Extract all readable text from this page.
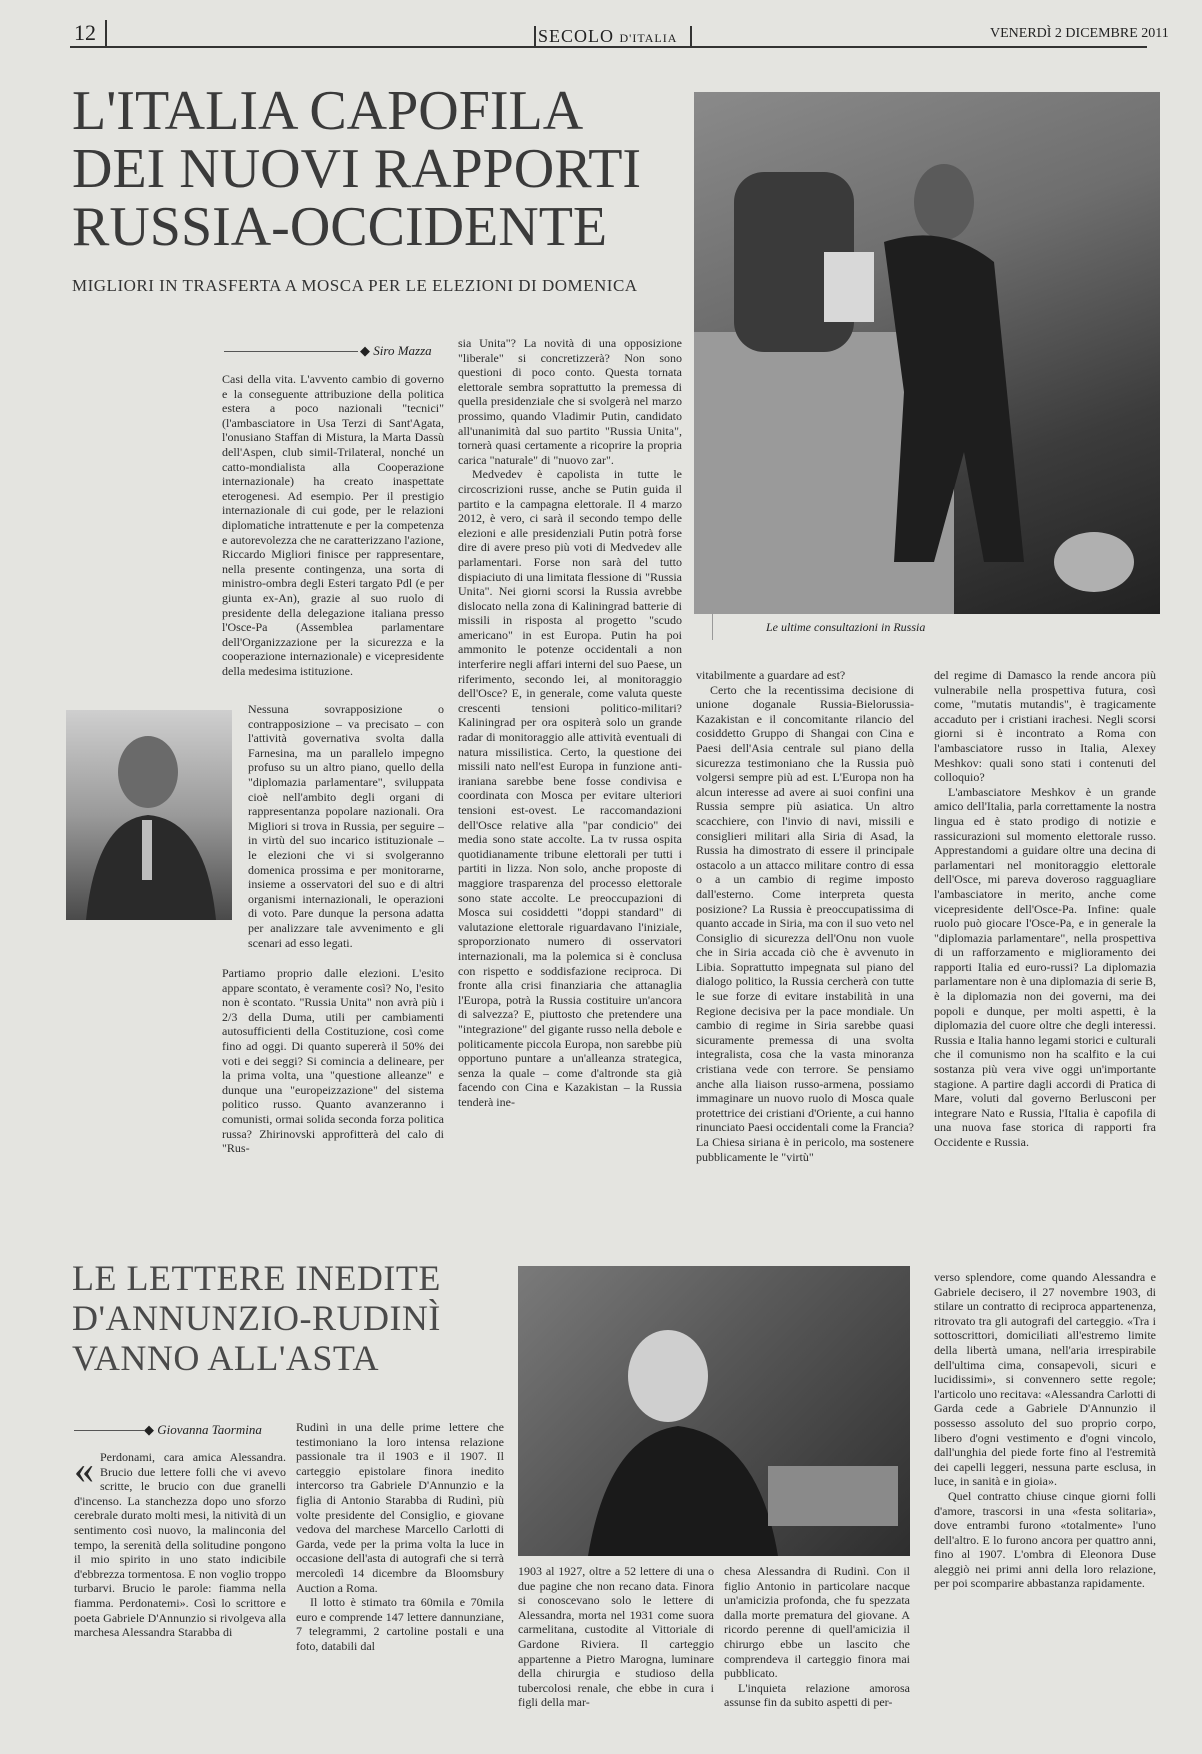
12	SECOLO D'ITALIA	VENERDÌ 2 DICEMBRE 2011
L'ITALIA CAPOFILA
DEI NUOVI RAPPORTI
RUSSIA-OCCIDENTE
MIGLIORI IN TRASFERTA A MOSCA PER LE ELEZIONI DI DOMENICA
Le ultime consultazioni in Russia
◆ Siro Mazza

Casi della vita. L'avvento cambio di governo e la conseguente attribuzione della politica estera a poco nazionali "tecnici" (l'ambasciatore in Usa Terzi di Sant'Agata, l'onusiano Staffan di Mistura, la Marta Dassù dell'Aspen, club simil-Trilateral, nonché un catto-mondialista alla Cooperazione internazionale) ha creato inaspettate eterogenesi. Ad esempio. Per il prestigio internazionale di cui gode, per le relazioni diplomatiche intrattenute e per la competenza e autorevolezza che ne caratterizzano l'azione, Riccardo Migliori finisce per rappresentare, nella presente contingenza, una sorta di ministro-ombra degli Esteri targato Pdl (e per giunta ex-An), grazie al suo ruolo di presidente della delegazione italiana presso l'Osce-Pa (Assemblea parlamentare dell'Organizzazione per la sicurezza e la cooperazione internazionale) e vicepresidente della medesima istituzione.

Nessuna sovrapposizione o contrapposizione – va precisato – con l'attività governativa svolta dalla Farnesina, ma un parallelo impegno profuso su un altro piano, quello della "diplomazia parlamentare", sviluppata cioè nell'ambito degli organi di rappresentanza popolare nazionali. Ora Migliori si trova in Russia, per seguire – in virtù del suo incarico istituzionale – le elezioni che vi si svolgeranno domenica prossima e per monitorarne, insieme a osservatori del suo e di altri organismi internazionali, le operazioni di voto. Pare dunque la persona adatta per analizzare tale avvenimento e gli scenari ad esso legati.

Partiamo proprio dalle elezioni. L'esito appare scontato, è veramente così? No, l'esito non è scontato. "Russia Unita" non avrà più i 2/3 della Duma, utili per cambiamenti autosufficienti della Costituzione, così come fino ad oggi. Di quanto supererà il 50% dei voti e dei seggi? Si comincia a delineare, per la prima volta, una "questione alleanze" e dunque una "europeizzazione" del sistema politico russo. Quanto avanzeranno i comunisti, ormai solida seconda forza politica russa? Zhirinovski approfitterà del calo di "Rus-

sia Unita"? La novità di una opposizione "liberale" si concretizzerà? Non sono questioni di poco conto. Questa tornata elettorale sembra soprattutto la premessa di quella presidenziale che si svolgerà nel marzo prossimo, quando Vladimir Putin, candidato all'unanimità dal suo partito "Russia Unita", tornerà quasi certamente a ricoprire la propria carica "naturale" di "nuovo zar".

Medvedev è capolista in tutte le circoscrizioni russe, anche se Putin guida il partito e la campagna elettorale. Il 4 marzo 2012, è vero, ci sarà il secondo tempo delle elezioni e alle presidenziali Putin potrà forse dire di avere preso più voti di Medvedev alle parlamentari. Forse non sarà del tutto dispiaciuto di una limitata flessione di "Russia Unita". Nei giorni scorsi la Russia avrebbe dislocato nella zona di Kaliningrad batterie di missili in risposta al progetto "scudo americano" in est Europa. Putin ha poi ammonito le potenze occidentali a non interferire negli affari interni del suo Paese, un riferimento, secondo lei, al monitoraggio dell'Osce? E, in generale, come valuta queste crescenti tensioni politico-militari? Kaliningrad per ora ospiterà solo un grande radar di monitoraggio alle attività eventuali di natura missilistica. Certo, la questione dei missili nato nell'est Europa in funzione anti-iraniana sarebbe bene fosse condivisa e coordinata con Mosca per evitare ulteriori tensioni est-ovest. Le raccomandazioni dell'Osce relative alla "par condicio" dei media sono state accolte. La tv russa ospita quotidianamente tribune elettorali per tutti i partiti in lizza. Non solo, anche proposte di maggiore trasparenza del processo elettorale sono state accolte. Le preoccupazioni di Mosca sui cosiddetti "doppi standard" di valutazione elettorale riguardavano l'iniziale, sproporzionato numero di osservatori internazionali, ma la polemica si è conclusa con rispetto e soddisfazione reciproca. Di fronte alla crisi finanziaria che attanaglia l'Europa, potrà la Russia costituire un'ancora di salvezza? E, piuttosto che pretendere una "integrazione" del gigante russo nella debole e politicamente piccola Europa, non sarebbe più opportuno puntare a un'alleanza strategica, senza la quale – come d'altronde sta già facendo con Cina e Kazakistan – la Russia tenderà ine-

vitabilmente a guardare ad est?

Certo che la recentissima decisione di unione doganale Russia-Bielorussia-Kazakistan e il concomitante rilancio del cosiddetto Gruppo di Shangai con Cina e Paesi dell'Asia centrale sul piano della sicurezza testimoniano che la Russia può volgersi sempre più ad est. L'Europa non ha alcun interesse ad avere ai suoi confini una Russia sempre più asiatica. Un altro scacchiere, con l'invio di navi, missili e consiglieri militari alla Siria di Asad, la Russia ha dimostrato di essere il principale ostacolo a un attacco militare contro di essa o a un cambio di regime imposto dall'esterno. Come interpreta questa posizione? La Russia è preoccupatissima di quanto accade in Siria, ma con il suo veto nel Consiglio di sicurezza dell'Onu non vuole che in Siria accada ciò che è avvenuto in Libia. Soprattutto impegnata sul piano del dialogo politico, la Russia cercherà con tutte le sue forze di evitare instabilità in una Regione decisiva per la pace mondiale. Un cambio di regime in Siria sarebbe quasi sicuramente premessa di una svolta integralista, cosa che la vasta minoranza cristiana vede con terrore. Se pensiamo anche alla liaison russo-armena, possiamo immaginare un nuovo ruolo di Mosca quale protettrice dei cristiani d'Oriente, a cui hanno rinunciato Paesi occidentali come la Francia? La Chiesa siriana è in pericolo, ma sostenere pubblicamente le "virtù"

del regime di Damasco la rende ancora più vulnerabile nella prospettiva futura, così come, "mutatis mutandis", è tragicamente accaduto per i cristiani irachesi. Negli scorsi giorni si è incontrato a Roma con l'ambasciatore russo in Italia, Alexey Meshkov: quali sono stati i contenuti del colloquio?

L'ambasciatore Meshkov è un grande amico dell'Italia, parla correttamente la nostra lingua ed è stato prodigo di notizie e rassicurazioni sul momento elettorale russo. Apprestandomi a guidare oltre una decina di parlamentari nel monitoraggio elettorale dell'Osce, mi pareva doveroso ragguagliare l'ambasciatore in merito, anche come vicepresidente dell'Osce-Pa. Infine: quale ruolo può giocare l'Osce-Pa, e in generale la "diplomazia parlamentare", nella prospettiva di un rafforzamento e miglioramento dei rapporti Italia ed euro-russi? La diplomazia parlamentare non è una diplomazia di serie B, è la diplomazia non dei governi, ma dei popoli e dunque, per molti aspetti, è la diplomazia del cuore oltre che degli interessi. Russia e Italia hanno legami storici e culturali che il comunismo non ha scalfito e la cui sostanza più vera vive oggi un'importante stagione. A partire dagli accordi di Pratica di Mare, voluti dal governo Berlusconi per integrare Nato e Russia, l'Italia è capofila di una nuova fase storica di rapporti fra Occidente e Russia.

LE LETTERE INEDITE
D'ANNUNZIO-RUDINÌ
VANNO ALL'ASTA
◆ Giovanna Taormina

« Perdonami, cara amica Alessandra. Brucio due lettere folli che vi avevo scritte, le brucio con due granelli d'incenso. La stanchezza dopo uno sforzo cerebrale durato molti mesi, la nitività di un sentimento così nuovo, la malinconia del tempo, la serenità della solitudine pongono il mio spirito in uno stato indicibile d'ebbrezza tormentosa. E non voglio troppo turbarvi. Brucio le parole: fiamma nella fiamma. Perdonatemi». Così lo scrittore e poeta Gabriele D'Annunzio si rivolgeva alla marchesa Alessandra Starabba di

Rudinì in una delle prime lettere che testimoniano la loro intensa relazione passionale tra il 1903 e il 1907. Il carteggio epistolare finora inedito intercorso tra Gabriele D'Annunzio e la figlia di Antonio Starabba di Rudinì, più volte presidente del Consiglio, e giovane vedova del marchese Marcello Carlotti di Garda, vede per la prima volta la luce in occasione dell'asta di autografi che si terrà mercoledì 14 dicembre da Bloomsbury Auction a Roma.

Il lotto è stimato tra 60mila e 70mila euro e comprende 147 lettere dannunziane, 7 telegrammi, 2 cartoline postali e una foto, databili dal

1903 al 1927, oltre a 52 lettere di una o due pagine che non recano data. Finora si conoscevano solo le lettere di Alessandra, morta nel 1931 come suora carmelitana, custodite al Vittoriale di Gardone Riviera. Il carteggio appartenne a Pietro Marogna, luminare della chirurgia e studioso della tubercolosi renale, che ebbe in cura i figli della mar-

chesa Alessandra di Rudinì. Con il figlio Antonio in particolare nacque un'amicizia profonda, che fu spezzata dalla morte prematura del giovane. A ricordo perenne di quell'amicizia il chirurgo ebbe un lascito che comprendeva il carteggio finora mai pubblicato.

L'inquieta relazione amorosa assunse fin da subito aspetti di per-

verso splendore, come quando Alessandra e Gabriele decisero, il 27 novembre 1903, di stilare un contratto di reciproca appartenenza, ritrovato tra gli autografi del carteggio. «Tra i sottoscrittori, domiciliati all'estremo limite della libertà umana, nell'aria irrespirabile dell'ultima cima, consapevoli, sicuri e lucidissimi», si convennero sette regole; l'articolo uno recitava: «Alessandra Carlotti di Garda cede a Gabriele D'Annunzio il possesso assoluto del suo proprio corpo, libero d'ogni vestimento e d'ogni vincolo, dall'unghia del piede forte fino al l'estremità dei capelli leggeri, nessuna parte esclusa, in luce, in sanità e in gioia».

Quel contratto chiuse cinque giorni folli d'amore, trascorsi in una «festa solitaria», dove entrambi furono «totalmente» l'uno dell'altro. E lo furono ancora per quattro anni, fino al 1907. L'ombra di Eleonora Duse aleggiò nei primi anni della loro relazione, per poi scomparire abbastanza rapidamente.
